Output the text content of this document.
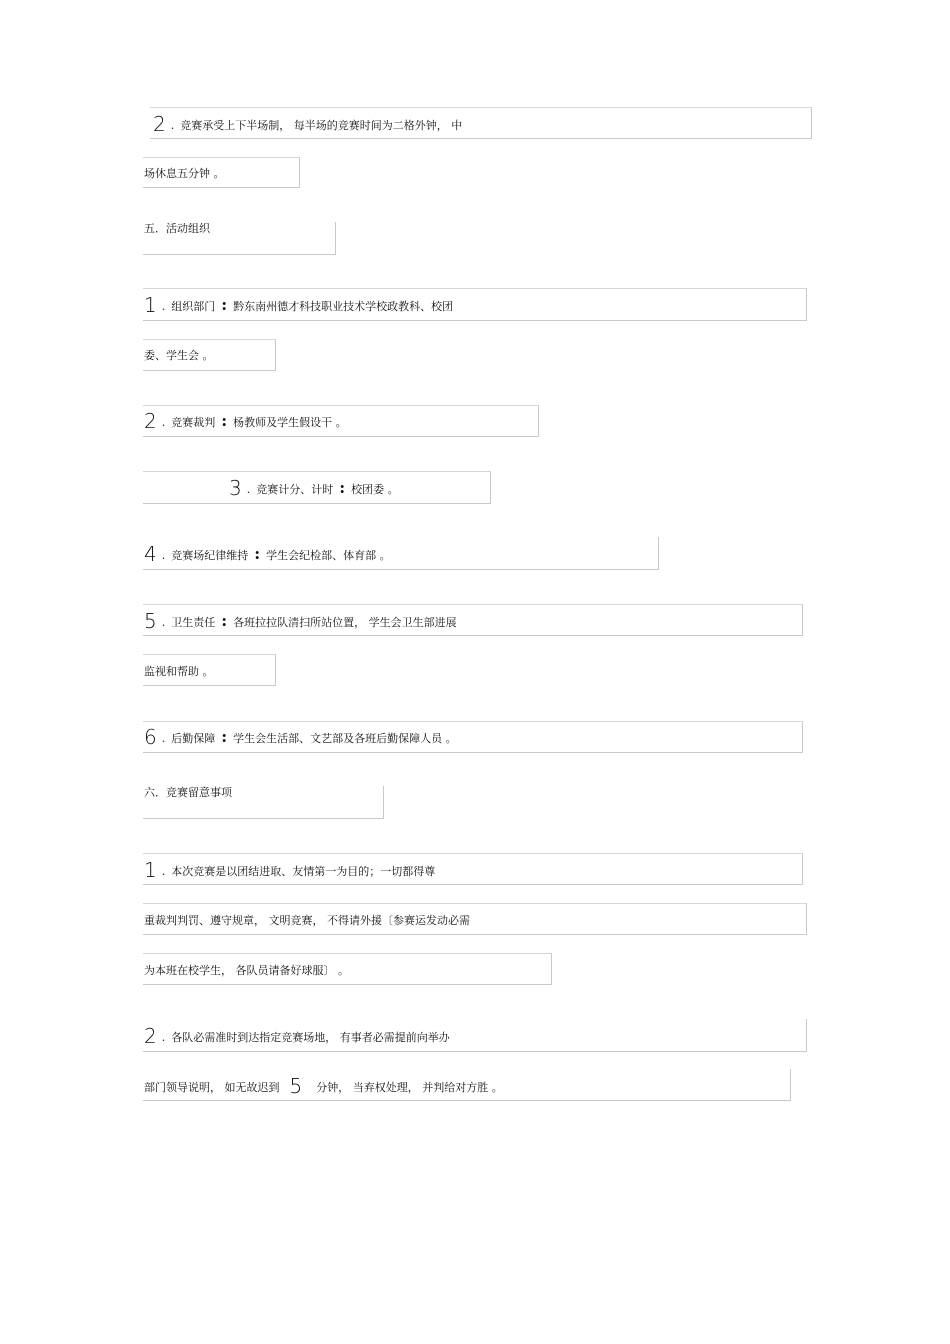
2 . 竞赛承受上下半场制， 每半场的竞赛时间为二格外钟， 中
场休息五分钟 。
五．活动组织
1 . 组织部门 : 黔东南州德才科技职业技术学校政教科、校团
委、学生会 。
2 . 竞赛裁判 : 杨教师及学生假设干 。
3 . 竞赛计分、计时 : 校团委 。
4 . 竞赛场纪律维持 : 学生会纪检部、体育部 。
5 . 卫生责任 : 各班拉拉队清扫所站位置， 学生会卫生部进展
监视和帮助 。
6 . 后勤保障 : 学生会生活部、文艺部及各班后勤保障人员 。
六．竞赛留意事项
1 . 本次竞赛是以团结进取、友情第一为目的；一切都得尊
重裁判判罚、遵守规章， 文明竞赛， 不得请外援〔参赛运发动必需
为本班在校学生， 各队员请备好球服〕 。
2 . 各队必需准时到达指定竞赛场地， 有事者必需提前向举办
部门领导说明， 如无故迟到 5 分钟， 当弃权处理， 并判给对方胜 。
